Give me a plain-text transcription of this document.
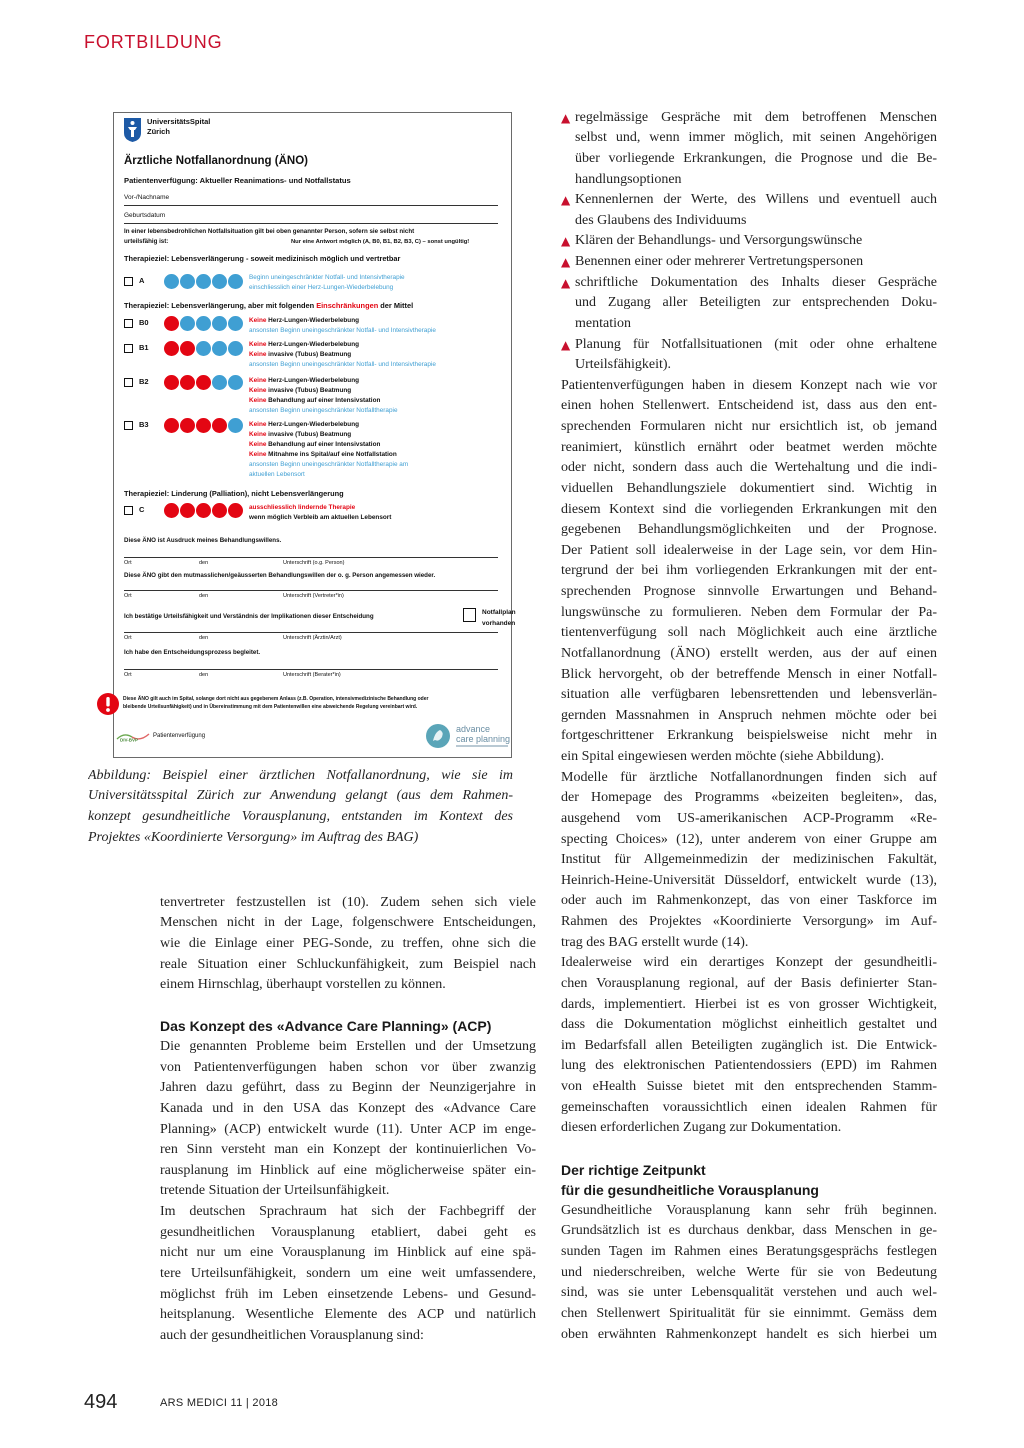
FORTBILDUNG
UniversitätsSpital
Zürich
Ärztliche Notfallanordnung (ÄNO)
Patientenverfügung: Aktueller Reanimations- und Notfallstatus
Vor-/Nachname
Geburtsdatum
In einer lebensbedrohlichen Notfallsituation gilt bei oben genannter Person, sofern sie selbst nicht
urteilsfähig ist:	Nur eine Antwort möglich (A, B0, B1, B2, B3, C) – sonst ungültig!
Therapieziel: Lebensverlängerung - soweit medizinisch möglich und vertretbar
Therapieziel: Lebensverlängerung, aber mit folgenden Einschränkungen der Mittel
Therapieziel: Linderung (Palliation), nicht Lebensverlängerung
A	Beginn uneingeschränkter Notfall- und Intensivtherapie
einschliesslich einer Herz-Lungen-Wiederbelebung
B0	Keine Herz-Lungen-Wiederbelebung
ansonsten Beginn uneingeschränkter Notfall- und Intensivtherapie
B1	Keine Herz-Lungen-Wiederbelebung
Keine invasive (Tubus) Beatmung
ansonsten Beginn uneingeschränkter Notfall- und Intensivtherapie
B2	Keine Herz-Lungen-Wiederbelebung
Keine invasive (Tubus) Beatmung
Keine Behandlung auf einer Intensivstation
ansonsten Beginn uneingeschränkter Notfalltherapie
B3	Keine Herz-Lungen-Wiederbelebung
Keine invasive (Tubus) Beatmung
Keine Behandlung auf einer Intensivstation
Keine Mitnahme ins Spital/auf eine Notfallstation
ansonsten Beginn uneingeschränkter Notfalltherapie am
aktuellen Lebensort
C	ausschliesslich lindernde Therapie
wenn möglich Verbleib am aktuellen Lebensort
Diese ÄNO ist Ausdruck meines Behandlungswillens.
Ort	den	Unterschrift (o.g. Person)
Diese ÄNO gibt den mutmasslichen/geäusserten Behandlungswillen der o. g. Person angemessen wieder.
Ort	den	Unterschrift (Vertreter*in)
Ich bestätige Urteilsfähigkeit und Verständnis der Implikationen dieser Entscheidung
Ort	den	Unterschrift (Ärztin/Arzt)
Ich habe den Entscheidungsprozess begleitet.
Ort	den	Unterschrift (Berater*in)
Notfallplan
vorhanden
Diese ÄNO gilt auch im Spital, solange dort nicht aus gegebenem Anlass (z.B. Operation, intensivmedizinische Behandlung oder
bleibende Urteilsunfähigkeit) und in Übereinstimmung mit dem Patientenwillen eine abweichende Regelung vereinbart wird.
DIV-BVP
Patientenverfügung
advance
care planning
Abbildung: Beispiel einer ärztlichen Notfallanordnung, wie sie im
Universitätsspital Zürich zur Anwendung gelangt (aus dem Rahmen-
konzept gesundheitliche Vorausplanung, entstanden im Kontext des
Projektes «Koordinierte Versorgung» im Auftrag des BAG)
tenvertreter festzustellen ist (10). Zudem sehen sich viele
Menschen nicht in der Lage, folgenschwere Entscheidungen,
wie die Einlage einer PEG-Sonde, zu treffen, ohne sich die
reale Situation einer Schluckunfähigkeit, zum Beispiel nach
einem Hirnschlag, überhaupt vorstellen zu können.
Das Konzept des «Advance Care Planning» (ACP)
Die genannten Probleme beim Erstellen und der Umsetzung
von Patientenverfügungen haben schon vor über zwanzig
Jahren dazu geführt, dass zu Beginn der Neunzigerjahre in
Kanada und in den USA das Konzept des «Advance Care
Planning» (ACP) entwickelt wurde (11). Unter ACP im enge-
ren Sinn versteht man ein Konzept der kontinuierlichen Vo-
rausplanung im Hinblick auf eine möglicherweise später ein-
tretende Situation der Urteilsunfähigkeit.
Im deutschen Sprachraum hat sich der Fachbegriff der
gesundheitlichen Vorausplanung etabliert, dabei geht es
nicht nur um eine Vorausplanung im Hinblick auf eine spä-
tere Urteilsunfähigkeit, sondern um eine weit umfassendere,
möglichst früh im Leben einsetzende Lebens- und Gesund-
heitsplanung. Wesentliche Elemente des ACP und natürlich
auch der gesundheitlichen Vorausplanung sind:
▲ regelmässige Gespräche mit dem betroffenen Menschen
selbst und, wenn immer möglich, mit seinen Angehörigen
über vorliegende Erkrankungen, die Prognose und die Be-
handlungsoptionen
▲ Kennenlernen der Werte, des Willens und eventuell auch
des Glaubens des Individuums
▲ Klären der Behandlungs- und Versorgungswünsche
▲ Benennen einer oder mehrerer Vertretungspersonen
▲ schriftliche Dokumentation des Inhalts dieser Gespräche
und Zugang aller Beteiligten zur entsprechenden Doku-
mentation
▲ Planung für Notfallsituationen (mit oder ohne erhaltene
Urteilsfähigkeit).
Patientenverfügungen haben in diesem Konzept nach wie vor
einen hohen Stellenwert. Entscheidend ist, dass aus den ent-
sprechenden Formularen nicht nur ersichtlich ist, ob jemand
reanimiert, künstlich ernährt oder beatmet werden möchte
oder nicht, sondern dass auch die Wertehaltung und die indi-
viduellen Behandlungsziele dokumentiert sind. Wichtig in
diesem Kontext sind die vorliegenden Erkrankungen mit den
gegebenen Behandlungsmöglichkeiten und der Prognose.
Der Patient soll idealerweise in der Lage sein, vor dem Hin-
tergrund der bei ihm vorliegenden Erkrankungen mit der ent-
sprechenden Prognose sinnvolle Erwartungen und Behand-
lungswünsche zu formulieren. Neben dem Formular der Pa-
tientenverfügung soll nach Möglichkeit auch eine ärztliche
Notfallanordnung (ÄNO) erstellt werden, aus der auf einen
Blick hervorgeht, ob der betreffende Mensch in einer Notfall-
situation alle verfügbaren lebensrettenden und lebensverlän-
gernden Massnahmen in Anspruch nehmen möchte oder bei
fortgeschrittener Erkrankung beispielsweise nicht mehr in
ein Spital eingewiesen werden möchte (siehe Abbildung).
Modelle für ärztliche Notfallanordnungen finden sich auf
der Homepage des Programms «beizeiten begleiten», das,
ausgehend vom US-amerikanischen ACP-Programm «Re-
specting Choices» (12), unter anderem von einer Gruppe am
Institut für Allgemeinmedizin der medizinischen Fakultät,
Heinrich-Heine-Universität Düsseldorf, entwickelt wurde (13),
oder auch im Rahmenkonzept, das von einer Taskforce im
Rahmen des Projektes «Koordinierte Versorgung» im Auf-
trag des BAG erstellt wurde (14).
Idealerweise wird ein derartiges Konzept der gesundheitli-
chen Vorausplanung regional, auf der Basis definierter Stan-
dards, implementiert. Hierbei ist es von grosser Wichtigkeit,
dass die Dokumentation möglichst einheitlich gestaltet und
im Bedarfsfall allen Beteiligten zugänglich ist. Die Entwick-
lung des elektronischen Patientendossiers (EPD) im Rahmen
von eHealth Suisse bietet mit den entsprechenden Stamm-
gemeinschaften voraussichtlich einen idealen Rahmen für
diesen erforderlichen Zugang zur Dokumentation.
Der richtige Zeitpunkt
für die gesundheitliche Vorausplanung
Gesundheitliche Vorausplanung kann sehr früh beginnen.
Grundsätzlich ist es durchaus denkbar, dass Menschen in ge-
sunden Tagen im Rahmen eines Beratungsgesprächs festlegen
und niederschreiben, welche Werte für sie von Bedeutung
sind, was sie unter Lebensqualität verstehen und auch wel-
chen Stellenwert Spiritualität für sie einnimmt. Gemäss dem
oben erwähnten Rahmenkonzept handelt es sich hierbei um
494	ARS MEDICI 11 | 2018
